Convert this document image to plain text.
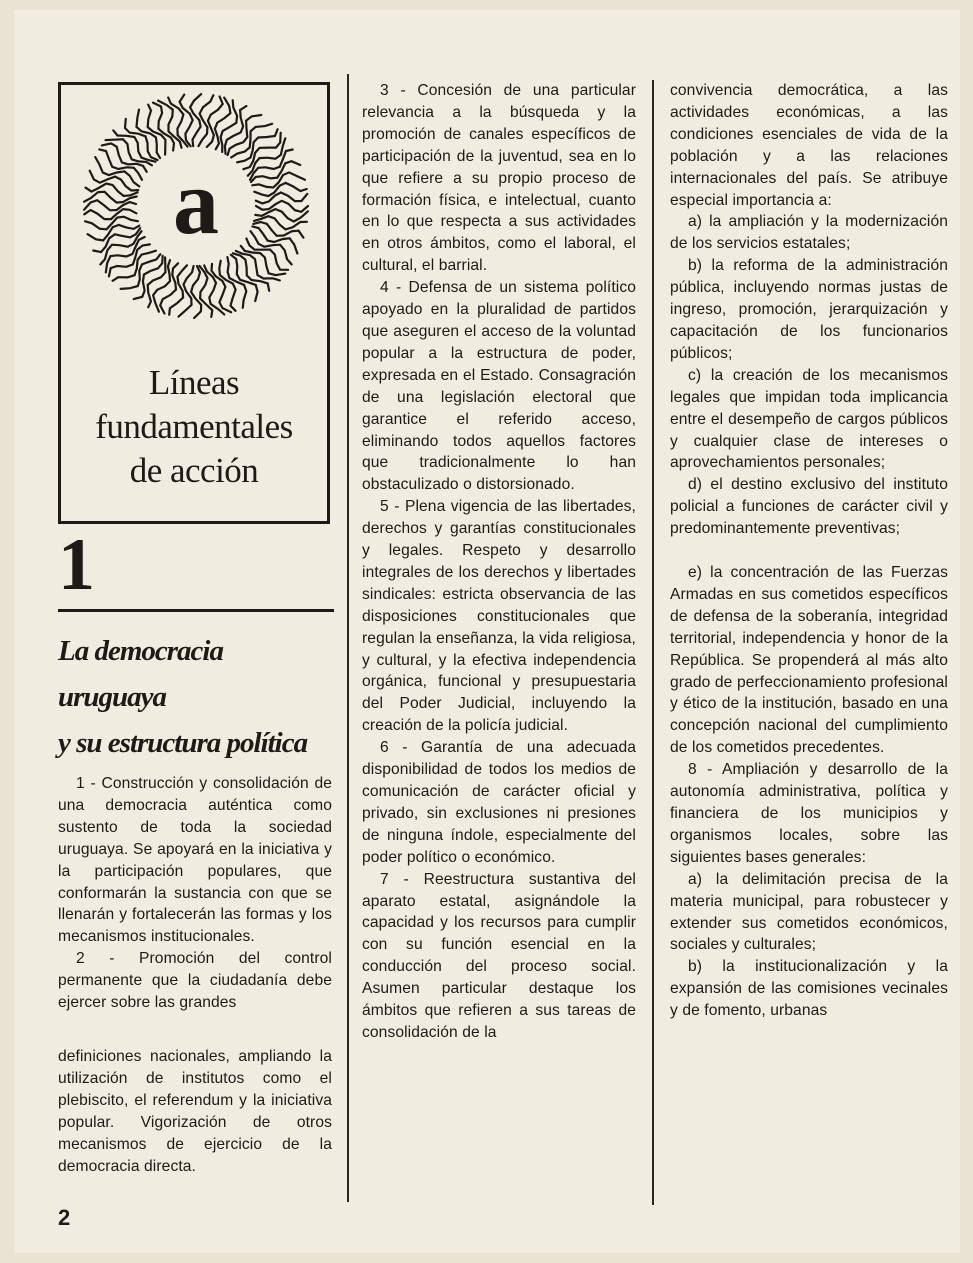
a
Líneas
fundamentales
de acción
1
La democracia
uruguaya
y su estructura política

1 - Construcción y consolidación de una democracia auténtica como sustento de toda la sociedad uruguaya. Se apoyará en la iniciativa y la participación populares, que conformarán la sustancia con que se llenarán y fortalecerán las formas y los mecanismos institucionales.

2 - Promoción del control permanente que la ciudadanía debe ejercer sobre las grandes

definiciones nacionales, ampliando la utilización de institutos como el plebiscito, el referendum y la iniciativa popular. Vigorización de otros mecanismos de ejercicio de la democracia directa.

2

3 - Concesión de una particular relevancia a la búsqueda y la promoción de canales específicos de participación de la juventud, sea en lo que refiere a su propio proceso de formación física, e intelectual, cuanto en lo que respecta a sus actividades en otros ámbitos, como el laboral, el cultural, el barrial.

4 - Defensa de un sistema político apoyado en la pluralidad de partidos que aseguren el acceso de la voluntad popular a la estructura de poder, expresada en el Estado. Consagración de una legislación electoral que garantice el referido acceso, eliminando todos aquellos factores que tradicionalmente lo han obstaculizado o distorsionado.

5 - Plena vigencia de las libertades, derechos y garantías constitucionales y legales. Respeto y desarrollo integrales de los derechos y libertades sindicales: estricta observancia de las disposiciones constitucionales que regulan la enseñanza, la vida religiosa, y cultural, y la efectiva independencia orgánica, funcional y presupuestaria del Poder Judicial, incluyendo la creación de la policía judicial.

6 - Garantía de una adecuada disponibilidad de todos los medios de comunicación de carácter oficial y privado, sin exclusiones ni presiones de ninguna índole, especialmente del poder político o económico.

7 - Reestructura sustantiva del aparato estatal, asignándole la capacidad y los recursos para cumplir con su función esencial en la conducción del proceso social. Asumen particular destaque los ámbitos que refieren a sus tareas de consolidación de la

convivencia democrática, a las actividades económicas, a las condiciones esenciales de vida de la población y a las relaciones internacionales del país. Se atribuye especial importancia a:

a) la ampliación y la modernización de los servicios estatales;

b) la reforma de la administración pública, incluyendo normas justas de ingreso, promoción, jerarquización y capacitación de los funcionarios públicos;

c) la creación de los mecanismos legales que impidan toda implicancia entre el desempeño de cargos públicos y cualquier clase de intereses o aprovechamientos personales;

d) el destino exclusivo del instituto policial a funciones de carácter civil y predominantemente preventivas;

e) la concentración de las Fuerzas Armadas en sus cometidos específicos de defensa de la soberanía, integridad territorial, independencia y honor de la República. Se propenderá al más alto grado de perfeccionamiento profesional y ético de la institución, basado en una concepción nacional del cumplimiento de los cometidos precedentes.

8 - Ampliación y desarrollo de la autonomía administrativa, política y financiera de los municipios y organismos locales, sobre las siguientes bases generales:

a) la delimitación precisa de la materia municipal, para robustecer y extender sus cometidos económicos, sociales y culturales;

b) la institucionalización y la expansión de las comisiones vecinales y de fomento, urbanas
